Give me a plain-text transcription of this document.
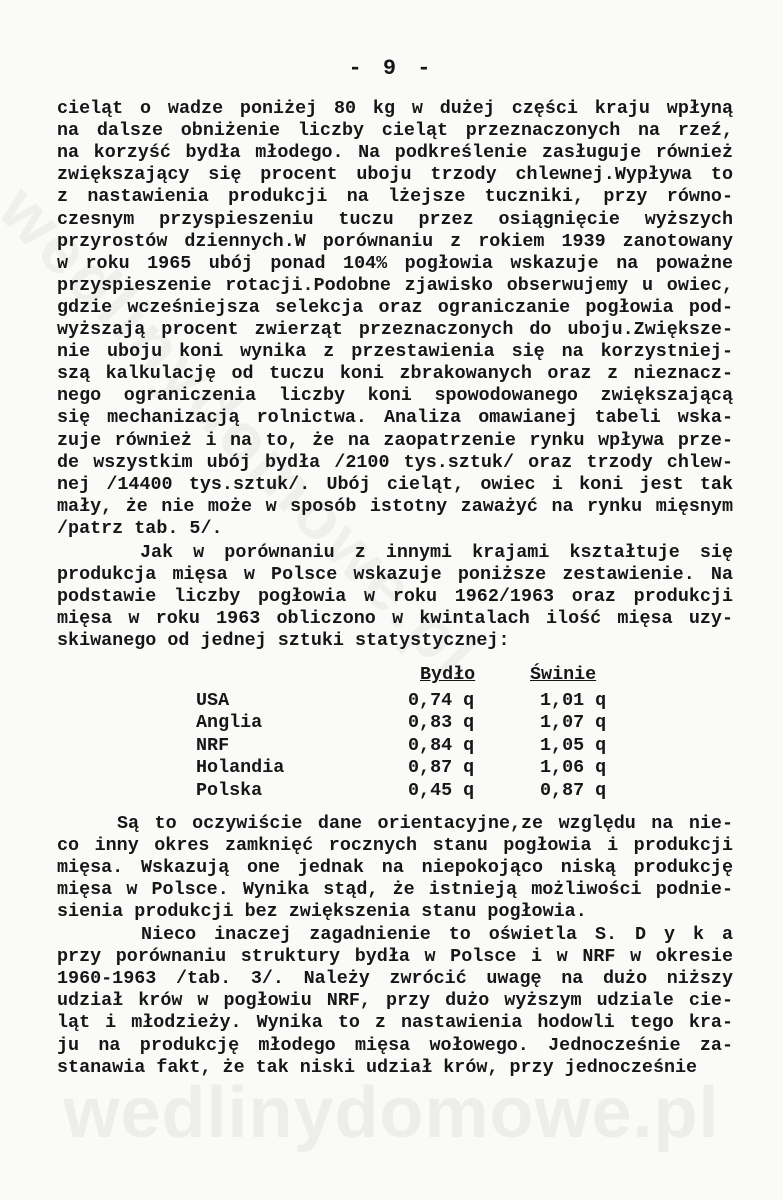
wedlinydomowe.pl
- 9 -
cieląt o wadze poniżej 80 kg w dużej części kraju wpłyną
na dalsze obniżenie liczby cieląt przeznaczonych na rzeź,
na korzyść bydła młodego. Na podkreślenie zasługuje również
zwiększający się procent uboju trzody chlewnej.Wypływa to
z nastawienia produkcji na lżejsze tuczniki, przy równo-
czesnym przyspieszeniu tuczu przez osiągnięcie wyższych
przyrostów dziennych.W porównaniu z rokiem 1939 zanotowany
w roku 1965 ubój ponad 104% pogłowia wskazuje na poważne
przyspieszenie rotacji.Podobne zjawisko obserwujemy u owiec,
gdzie wcześniejsza selekcja oraz ograniczanie pogłowia pod-
wyższają procent zwierząt przeznaczonych do uboju.Zwiększe-
nie uboju koni wynika z przestawienia się na korzystniej-
szą kalkulację od tuczu koni zbrakowanych oraz z nieznacz-
nego ograniczenia liczby koni spowodowanego zwiększającą
się mechanizacją rolnictwa. Analiza omawianej tabeli wska-
zuje również i na to, że na zaopatrzenie rynku wpływa prze-
de wszystkim ubój bydła /2100 tys.sztuk/ oraz trzody chlew-
nej /14400 tys.sztuk/. Ubój cieląt, owiec i koni jest tak
mały, że nie może w sposób istotny zaważyć na rynku mięsnym
/patrz tab. 5/.
Jak w porównaniu z innymi krajami kształtuje się
produkcja mięsa w Polsce wskazuje poniższe zestawienie. Na
podstawie liczby pogłowia w roku 1962/1963 oraz produkcji
mięsa w roku 1963 obliczono w kwintalach ilość mięsa uzy-
skiwanego od jednej sztuki statystycznej:
Są to oczywiście dane orientacyjne,ze względu na nie-
co inny okres zamknięć rocznych stanu pogłowia i produkcji
mięsa. Wskazują one jednak na niepokojąco niską produkcję
mięsa w Polsce. Wynika stąd, że istnieją możliwości podnie-
sienia produkcji bez zwiększenia stanu pogłowia.
Nieco inaczej zagadnienie to oświetla S. D y k a
przy porównaniu struktury bydła w Polsce i w NRF w okresie
1960-1963 /tab. 3/. Należy zwrócić uwagę na dużo niższy
udział krów w pogłowiu NRF, przy dużo wyższym udziale cie-
ląt i młodzieży. Wynika to z nastawienia hodowli tego kra-
ju na produkcję młodego mięsa wołowego. Jednocześnie za-
stanawia fakt, że tak niski udział krów, przy jednocześnie
Bydło	Świnie
USA	0,74 q	1,01 q
Anglia	0,83 q	1,07 q
NRF	0,84 q	1,05 q
Holandia	0,87 q	1,06 q
Polska	0,45 q	0,87 q
